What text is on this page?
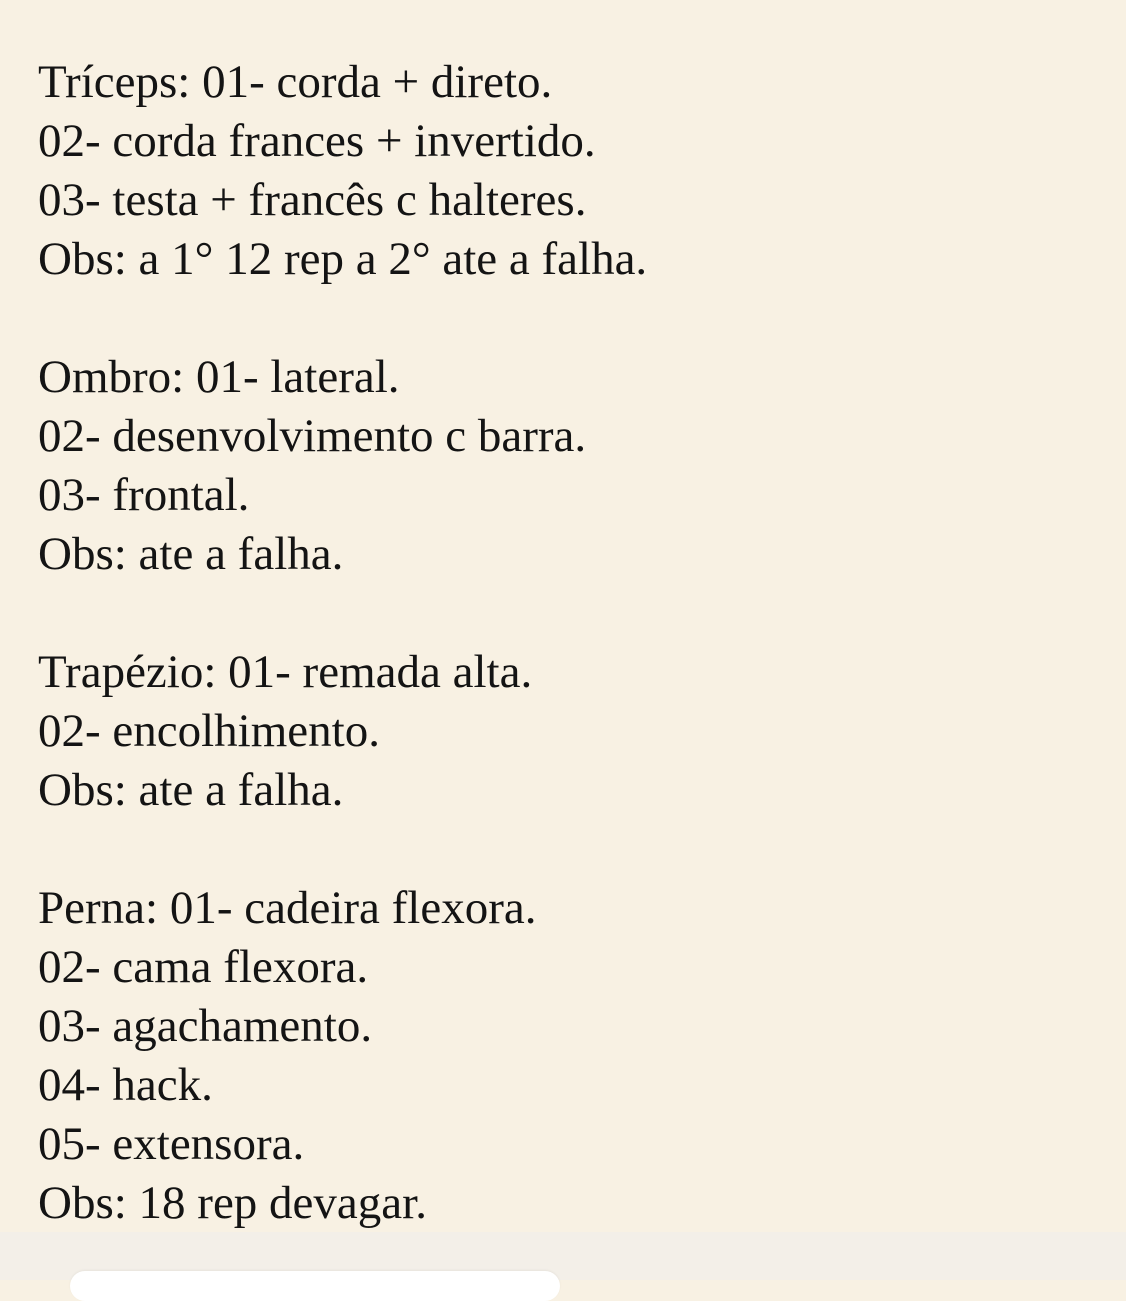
Tríceps: 01- corda + direto.
02- corda frances + invertido.
03- testa + francês c halteres.
Obs: a 1° 12 rep a 2° ate a falha.
Ombro: 01- lateral.
02- desenvolvimento c barra.
03- frontal.
Obs: ate a falha.
Trapézio: 01- remada alta.
02- encolhimento.
Obs: ate a falha.
Perna: 01- cadeira flexora.
02- cama flexora.
03- agachamento.
04- hack.
05- extensora.
Obs: 18 rep devagar.
